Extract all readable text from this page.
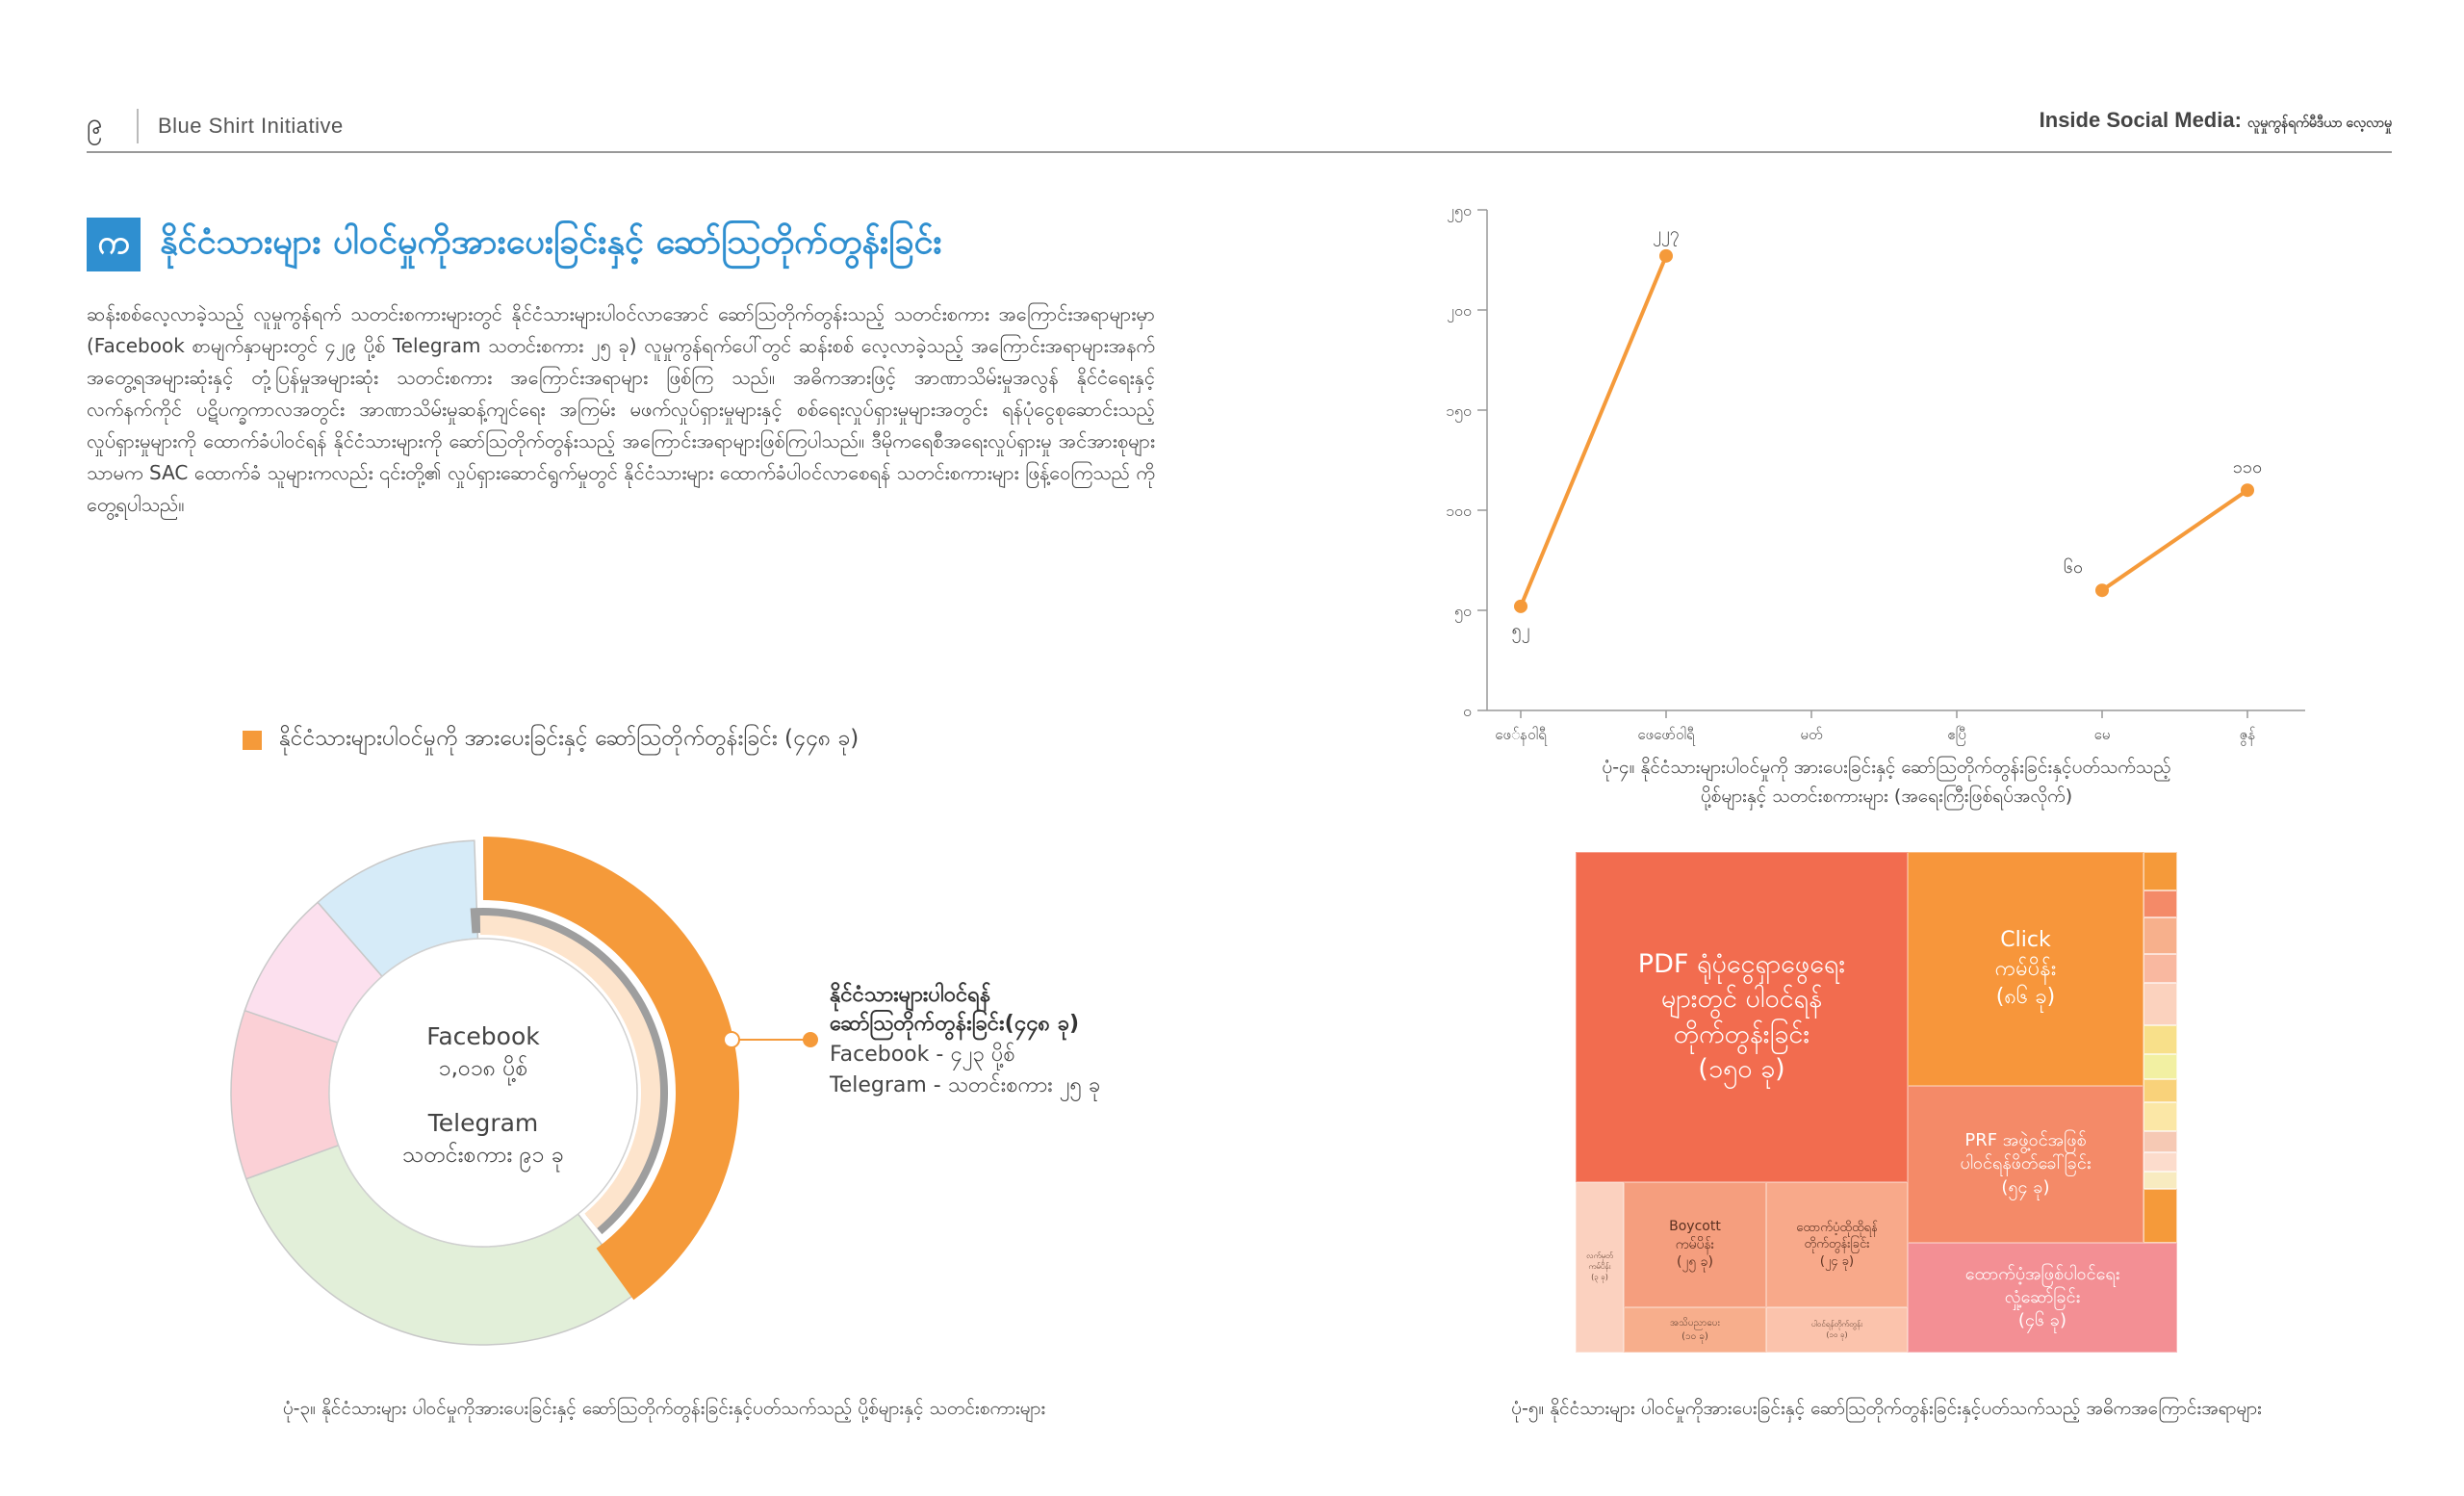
၉	Blue Shirt Initiative	Inside Social Media: လူမှုကွန်ရက်မီဒီယာ လေ့လာမှု
က နိုင်ငံသားများ ပါဝင်မှုကိုအားပေးခြင်းနှင့် ဆော်သြတိုက်တွန်းခြင်း
ဆန်းစစ်လေ့လာခဲ့သည့် လူမှုကွန်ရက် သတင်းစကားများတွင် နိုင်ငံသားများပါဝင်လာအောင် ဆော်သြတိုက်တွန်းသည့် သတင်းစကား အကြောင်းအရာများမှာ (Facebook စာမျက်နှာများတွင် ၄၂၉ ပို့စ် Telegram သတင်းစကား ၂၅ ခု) လူမှုကွန်ရက်ပေါ်တွင် ဆန်းစစ် လေ့လာခဲ့သည့် အကြောင်းအရာများအနက် အတွေ့ရအများဆုံးနှင့် တုံ့ပြန်မှုအများဆုံး သတင်းစကား အကြောင်းအရာများ ဖြစ်ကြ သည်။ အဓိကအားဖြင့် အာဏာသိမ်းမှုအလွန် နိုင်ငံရေးနှင့် လက်နက်ကိုင် ပဋိပက္ခကာလအတွင်း အာဏာသိမ်းမှုဆန့်ကျင်ရေး အကြမ်း မဖက်လှုပ်ရှားမှုများနှင့် စစ်ရေးလှုပ်ရှားမှုများအတွင်း ရန်ပုံငွေစုဆောင်းသည့် လှုပ်ရှားမှုများကို ထောက်ခံပါဝင်ရန် နိုင်ငံသားများကို ဆော်သြတိုက်တွန်းသည့် အကြောင်းအရာများဖြစ်ကြပါသည်။ ဒီမိုကရေစီအရေးလှုပ်ရှားမှု အင်အားစုများသာမက SAC ထောက်ခံ သူများကလည်း ၎င်းတို့၏ လှုပ်ရှားဆောင်ရွက်မှုတွင် နိုင်ငံသားများ ထောက်ခံပါဝင်လာစေရန် သတင်းစကားများ ဖြန့်ဝေကြသည် ကိုတွေ့ရပါသည်။
နိုင်ငံသားများပါဝင်မှုကို အားပေးခြင်းနှင့် ဆော်သြတိုက်တွန်းခြင်း (၄၄၈ ခု)
Facebook
၁,၀၁၈ ပို့စ်
Telegram
သတင်းစကား ၉၁ ခု
နိုင်ငံသားများပါဝင်ရန်
ဆော်သြတိုက်တွန်းခြင်း(၄၄၈ ခု)
Facebook - ၄၂၃ ပို့စ်
Telegram - သတင်းစကား ၂၅ ခု
ပုံ-၃။ နိုင်ငံသားများ ပါဝင်မှုကိုအားပေးခြင်းနှင့် ဆော်သြတိုက်တွန်းခြင်းနှင့်ပတ်သက်သည့် ပို့စ်များနှင့် သတင်းစကားများ
၀
၅၀
၁၀၀
၁၅၀
၂၀၀
၂၅၀
ဖေ်နဝါရီ	ဖေဖော်ဝါရီ	မတ်	ဧပြီ	မေ	ဇွန်
၅၂
၂၂၇
၆၀
၁၁၀
ပုံ-၄။ နိုင်ငံသားများပါဝင်မှုကို အားပေးခြင်းနှင့် ဆော်သြတိုက်တွန်းခြင်းနှင့်ပတ်သက်သည့်
ပို့စ်များနှင့် သတင်းစကားများ (အရေးကြီးဖြစ်ရပ်အလိုက်)
PDF ရုံပုံငွေရှာဖွေရေး
များတွင် ပါဝင်ရန်
တိုက်တွန်းခြင်း
(၁၅၀ ခု)
Click
ကမ်ပိန်း
(၈၆ ခု)
PRF အဖွဲ့ဝင်အဖြစ်
ပါဝင်ရန်ဖိတ်ခေါ်ခြင်း
(၅၄ ခု)
ထောက်ပံ့အဖြစ်ပါဝင်ရေး
လှုံ့ဆော်ခြင်း
(၄၆ ခု)
Boycott
ကမ်ပိန်း
(၂၅ ခု)
ထောက်ပံ့ထိုထိုရန်
တိုက်တွန်းခြင်း
(၂၄ ခု)
လက်မှတ်
ကမ်ပိန်း
(၃ ခု)
အသိပညာပေး
(၁၀ ခု)
ပါဝင်ရန်တိုက်တွန်း
(၁၀ ခု)
ပုံ-၅။ နိုင်ငံသားများ ပါဝင်မှုကိုအားပေးခြင်းနှင့် ဆော်သြတိုက်တွန်းခြင်းနှင့်ပတ်သက်သည့် အဓိကအကြောင်းအရာများ
